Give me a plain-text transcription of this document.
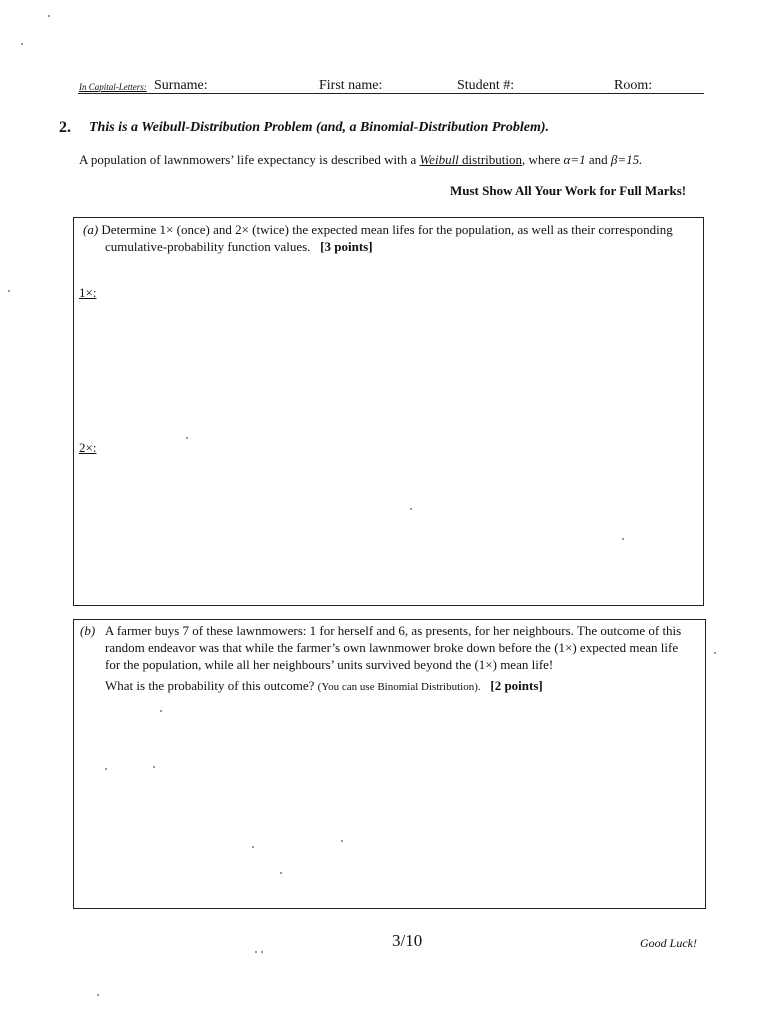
In Capital-Letters: Surname:	First name:	Student #:	Room:
2. This is a Weibull-Distribution Problem (and, a Binomial-Distribution Problem).
A population of lawnmowers’ life expectancy is described with a Weibull distribution, where α=1 and β=15.
Must Show All Your Work for Full Marks!
(a) Determine 1× (once) and 2× (twice) the expected mean lifes for the population, as well as their corresponding
cumulative-probability function values. [3 points]
1×:
2×:
(b) A farmer buys 7 of these lawnmowers: 1 for herself and 6, as presents, for her neighbours. The outcome of this
random endeavor was that while the farmer’s own lawnmower broke down before the (1×) expected mean life
for the population, while all her neighbours’ units survived beyond the (1×) mean life!
What is the probability of this outcome? (You can use Binomial Distribution). [2 points]
3/10	Good Luck!
